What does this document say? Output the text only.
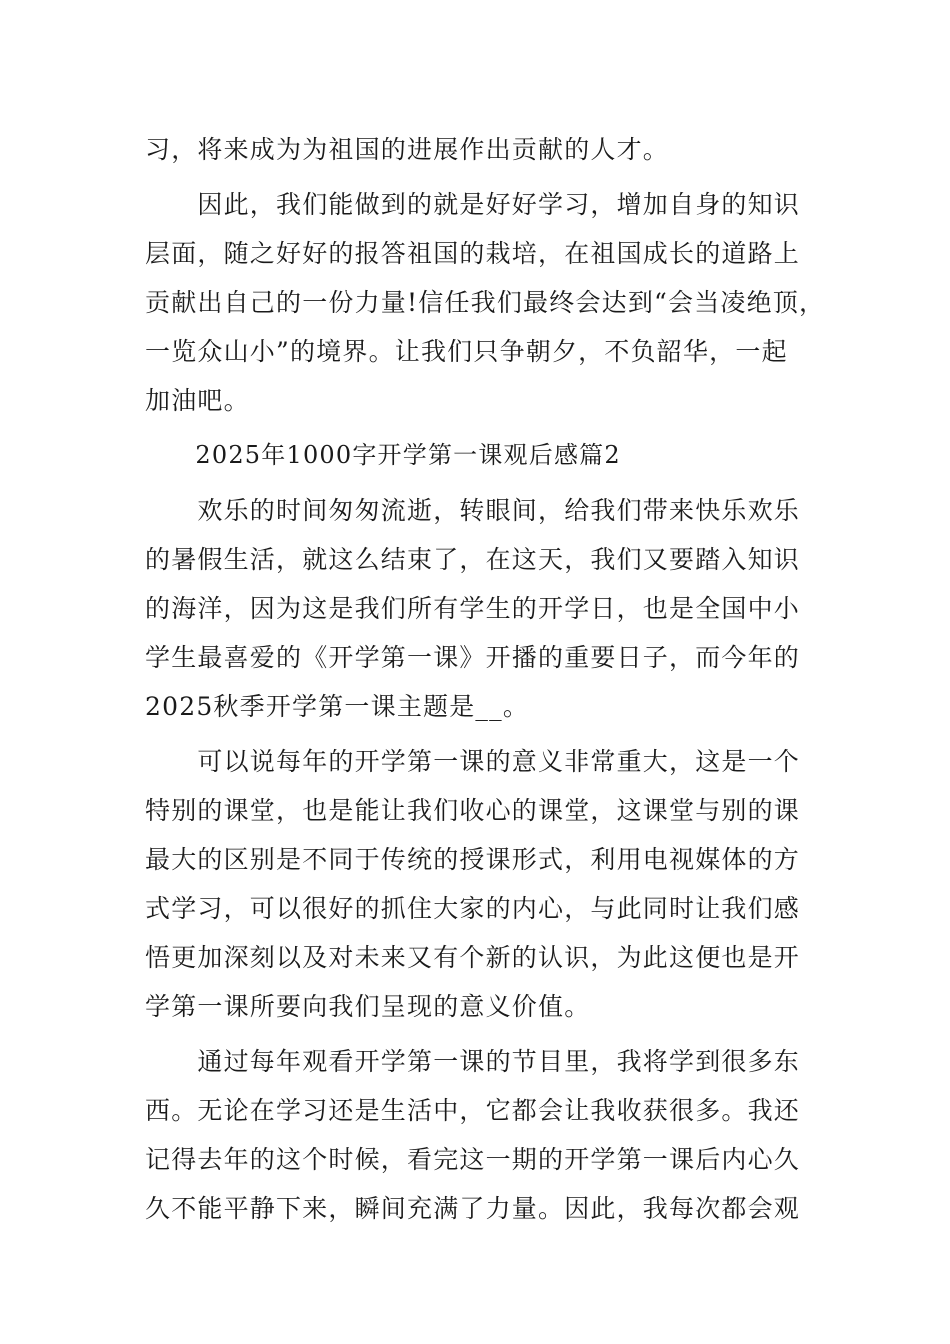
习，将来成为为祖国的进展作出贡献的人才。
　　因此，我们能做到的就是好好学习，增加自身的知识
层面，随之好好的报答祖国的栽培，在祖国成长的道路上
贡献出自己的一份力量!信任我们最终会达到“会当凌绝顶，
一览众山小”的境界。让我们只争朝夕，不负韶华，一起
加油吧。
　　2025年1000字开学第一课观后感篇2
　　欢乐的时间匆匆流逝，转眼间，给我们带来快乐欢乐
的暑假生活，就这么结束了，在这天，我们又要踏入知识
的海洋，因为这是我们所有学生的开学日，也是全国中小
学生最喜爱的《开学第一课》开播的重要日子，而今年的
2025秋季开学第一课主题是__。
　　可以说每年的开学第一课的意义非常重大，这是一个
特别的课堂，也是能让我们收心的课堂，这课堂与别的课
最大的区别是不同于传统的授课形式，利用电视媒体的方
式学习，可以很好的抓住大家的内心，与此同时让我们感
悟更加深刻以及对未来又有个新的认识，为此这便也是开
学第一课所要向我们呈现的意义价值。
　　通过每年观看开学第一课的节目里，我将学到很多东
西。无论在学习还是生活中，它都会让我收获很多。我还
记得去年的这个时候，看完这一期的开学第一课后内心久
久不能平静下来，瞬间充满了力量。因此，我每次都会观
